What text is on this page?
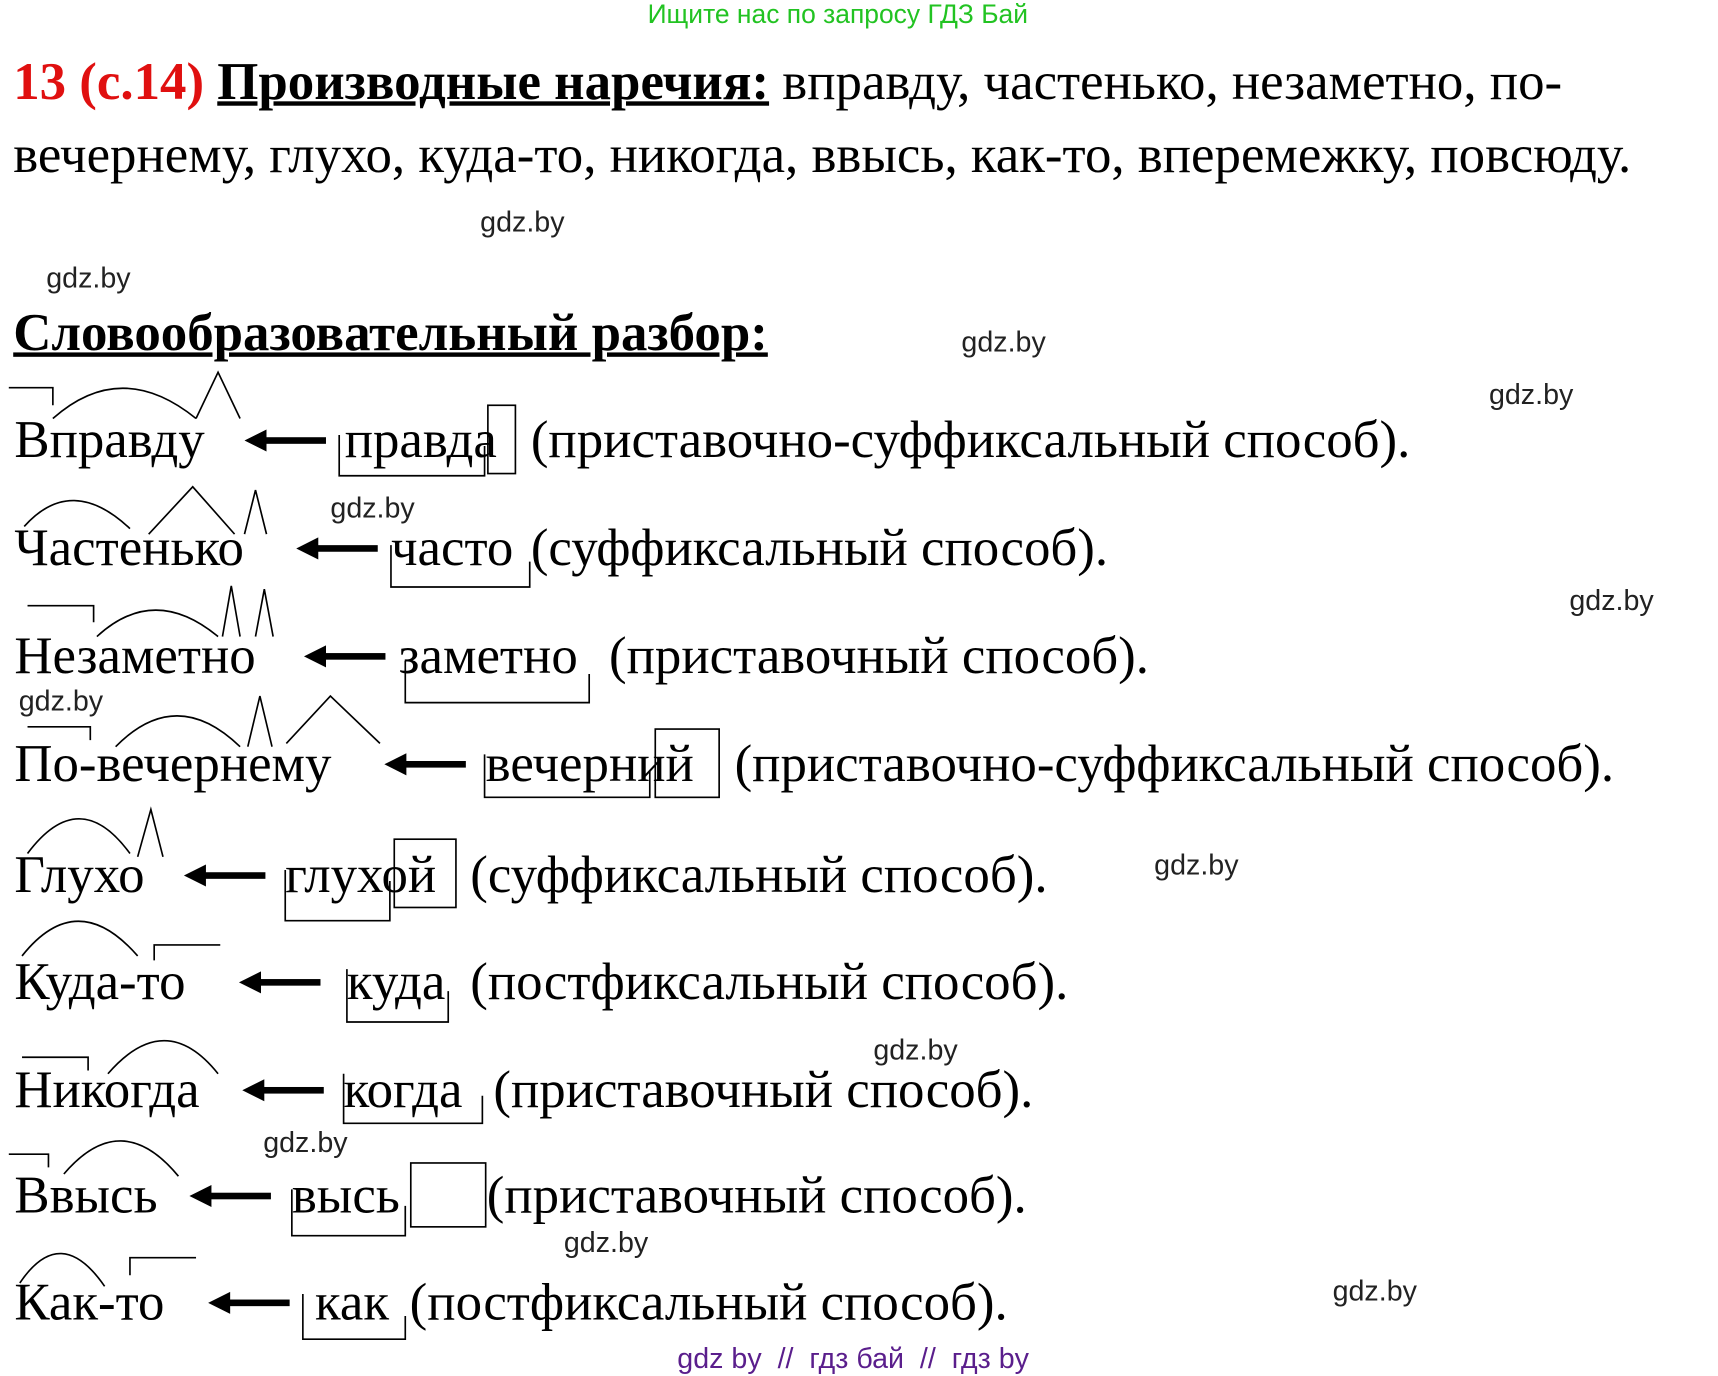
Ищите нас по запросу ГДЗ Бай
13 (с.14) Производные наречия: вправду, частенько, незаметно, по-вечернему, глухо, куда-то, никогда, ввысь, как-то, вперемежку, повсюду.
Словообразовательный разбор:
Вправду	правда (приставочно-суффиксальный способ).
Частенько	часто (суффиксальный способ).
Незаметно	заметно (приставочный способ).
По-вечернему	вечерний (приставочно-суффиксальный способ).
Глухо	глухой (суффиксальный способ).
Куда-то	куда (постфиксальный способ).
Никогда	когда (приставочный способ).
Ввысь	высь (приставочный способ).
Как-то	как (постфиксальный способ).
gdz.by
gdz.by
gdz.by
gdz.by
gdz.by
gdz.by
gdz.by
gdz.by
gdz.by
gdz.by
gdz.by
gdz.by
gdz by  //  гдз бай  //  гдз by
